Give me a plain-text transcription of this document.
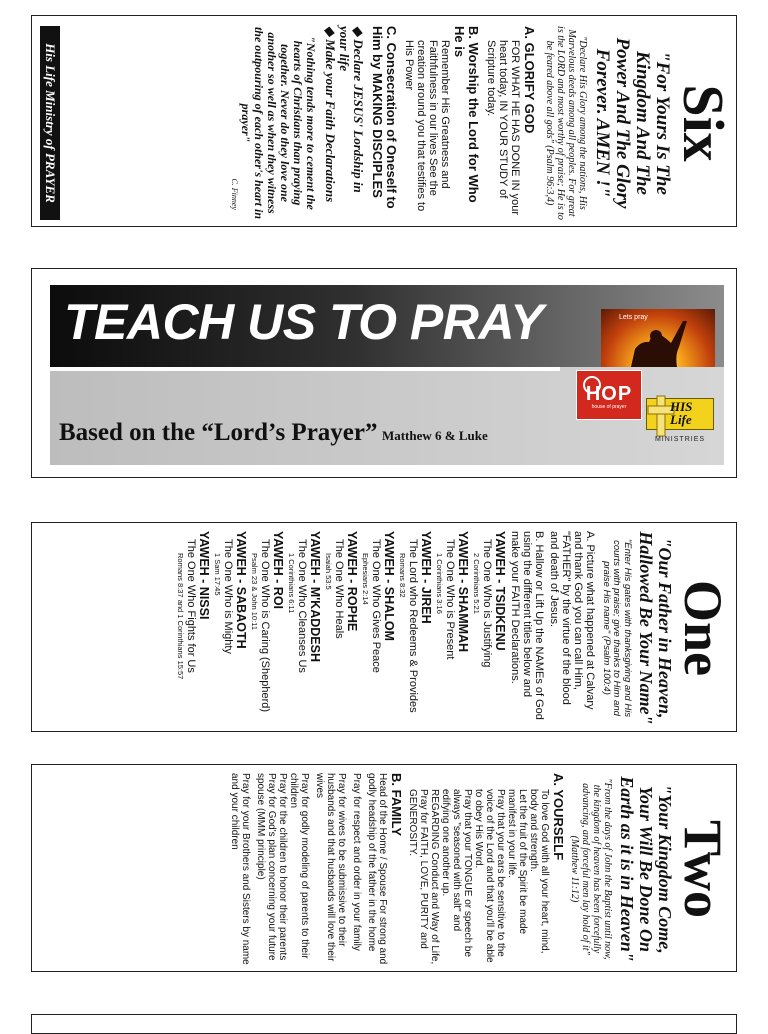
Six
"For Yours Is The Kingdom And The Power And The Glory Forever. AMEN !"
"Declare His Glory among the nations, His Marvelous deeds among all peoples. For great is the LORD and most worthy of praise; He is to be feared above all gods" (Psalm 96:3,4)
A. GLORIFY GOD
FOR WHAT HE HAS DONE IN your heart today, IN YOUR STUDY of Scripture today.
B. Worship the Lord for Who He is
Remember His Greatness and Faithfulness in our lives See the creation around you that testifies to His Power
C. Consecration of Oneself to Him by MAKING DISCIPLES
◆ Declare JESUS' Lordship in your life
◆ Make your Faith Declarations
"Nothing tends more to cement the hearts of Christians than praying together. Never do they love one another so well as when they witness the outpouring of each other's heart in prayer"
C. Finney
His Life Ministry of PRAYER
TEACH US TO PRAY
Based on the “Lord’s Prayer” Matthew 6 & Luke
Lets pray
HOP
house of prayer	HIS Life
MINISTRIES
One
"Our Father in Heaven, Hallowed Be Your Name"
"Enter His gates with thanksgiving and His courts with praise; give thanks to Him and praise His name" (Psalm 100:4)
A. Picture what happened at Calvary and thank God you can call Him, "FATHER" by the virtue of the blood and death of Jesus.
B. Hallow or Lift Up the NAMEs of God using the different titles below and make your FAITH Declarations.
YAWEH - TSIDKENU
The One Who is Justifying
2 Corinthians 5:21
YAWEH - SHAMMAH
The One Who is Present
1 Corinthians 3:16
YAWEH - JIREH
The Lord who Redeems & Provides
Romans 8:32
YAWEH - SHALOM
The One Who Gives Peace
Ephesians 2:14
YAWEH - ROPHE
The One Who Heals
Isaiah 53:5
YAWEH - M'KADDESH
The One Who Cleanses Us
1 Corinthians 6:11
YAWEH - ROI
The One Who is Caring (Shepherd)
Psalm 23 & John 10:11
YAWEH - SABAOTH
The One Who is Mighty
1 Sam 17:45
YAWEH - NISSI
The One Who Fights for Us
Romans 8:37 and 1 Corinthians 15:57
Two
"Your Kingdom Come, Your Will Be Done On Earth as it is in Heaven"
"From the days of John the Baptist until now, the kingdom of heaven has been forcefully advancing, and forceful men lay hold of it" (Matthew 11:12)
A. YOURSELF
To love God with all your heart, mind, body and strength.
Let the fruit of the Spirit be made manifest in your life.
Pray that your ears be sensitive to the voice of the Lord and that you'll be able to obey His Word.
Pray that your TONGUE or speech be always "seasoned with salt" and edifying one another up.
REGARDING Conduct and Way of Life, Pray for FAITH, LOVE, PURITY and GENEROSITY.
B. FAMILY
Head of the Home / Spouse For strong and godly headship of the father in the home
Pray for respect and order in your family
Pray for wives to be submissive to their husbands and that husbands will love their wives
Pray for godly modeling of parents to their children
Pray for the children to honor their parents
Pray for God's plan concerning your future spouse (MMM principle)
Pray for your Brothers and Sisters by name and your children
